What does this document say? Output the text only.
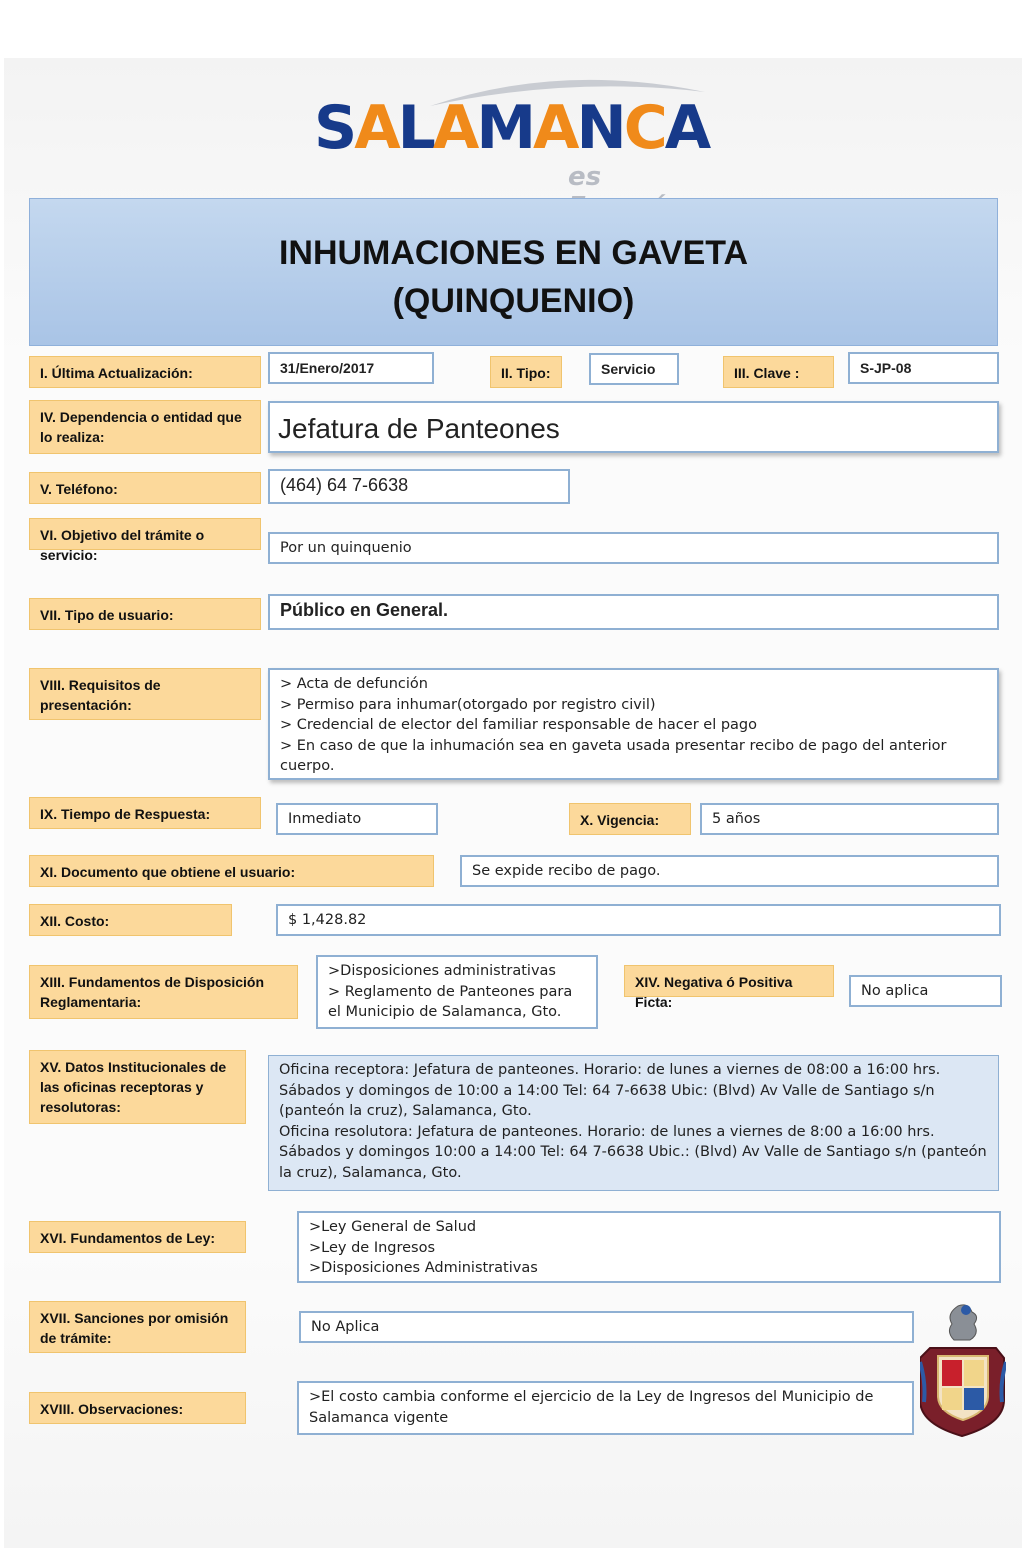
SALAMANCA
es
INHUMACIONES EN GAVETA
(QUINQUENIO)
I. Última Actualización:	31/Enero/2017	II. Tipo:	Servicio	III. Clave :	S-JP-08
IV. Dependencia o entidad que lo realiza:	Jefatura de Panteones
V. Teléfono:	(464) 64 7-6638
VI. Objetivo del trámite o servicio:	Por un quinquenio
VII. Tipo de usuario:	Público en General.
VIII. Requisitos de presentación:
> Acta de defunción
> Permiso para inhumar(otorgado por registro civil)
> Credencial de elector del familiar responsable de hacer el pago
> En caso de que la inhumación sea en gaveta usada presentar recibo de pago del anterior cuerpo.
IX. Tiempo de Respuesta:	Inmediato	X. Vigencia:	5 años
XI. Documento que obtiene el usuario:	Se expide recibo de pago.
XII. Costo:	$ 1,428.82
XIII. Fundamentos de Disposición Reglamentaria:
>Disposiciones administrativas
> Reglamento de Panteones para el Municipio de Salamanca, Gto.
XIV. Negativa ó Positiva Ficta:
No aplica
XV. Datos Institucionales de las oficinas receptoras y resolutoras:
Oficina receptora: Jefatura de panteones. Horario: de lunes a viernes de 08:00 a 16:00 hrs. Sábados y domingos de 10:00 a 14:00 Tel: 64 7-6638 Ubic: (Blvd) Av Valle de Santiago s/n (panteón la cruz), Salamanca, Gto.
Oficina resolutora: Jefatura de panteones. Horario: de lunes a viernes de 8:00 a 16:00 hrs. Sábados y domingos 10:00 a 14:00 Tel: 64 7-6638 Ubic.: (Blvd) Av Valle de Santiago s/n (panteón la cruz), Salamanca, Gto.
XVI. Fundamentos de Ley:
>Ley General de Salud
>Ley de Ingresos
>Disposiciones Administrativas
XVII. Sanciones por omisión de trámite:
No Aplica
XVIII. Observaciones:
>El costo cambia conforme el ejercicio de la Ley de Ingresos del Municipio de Salamanca vigente
